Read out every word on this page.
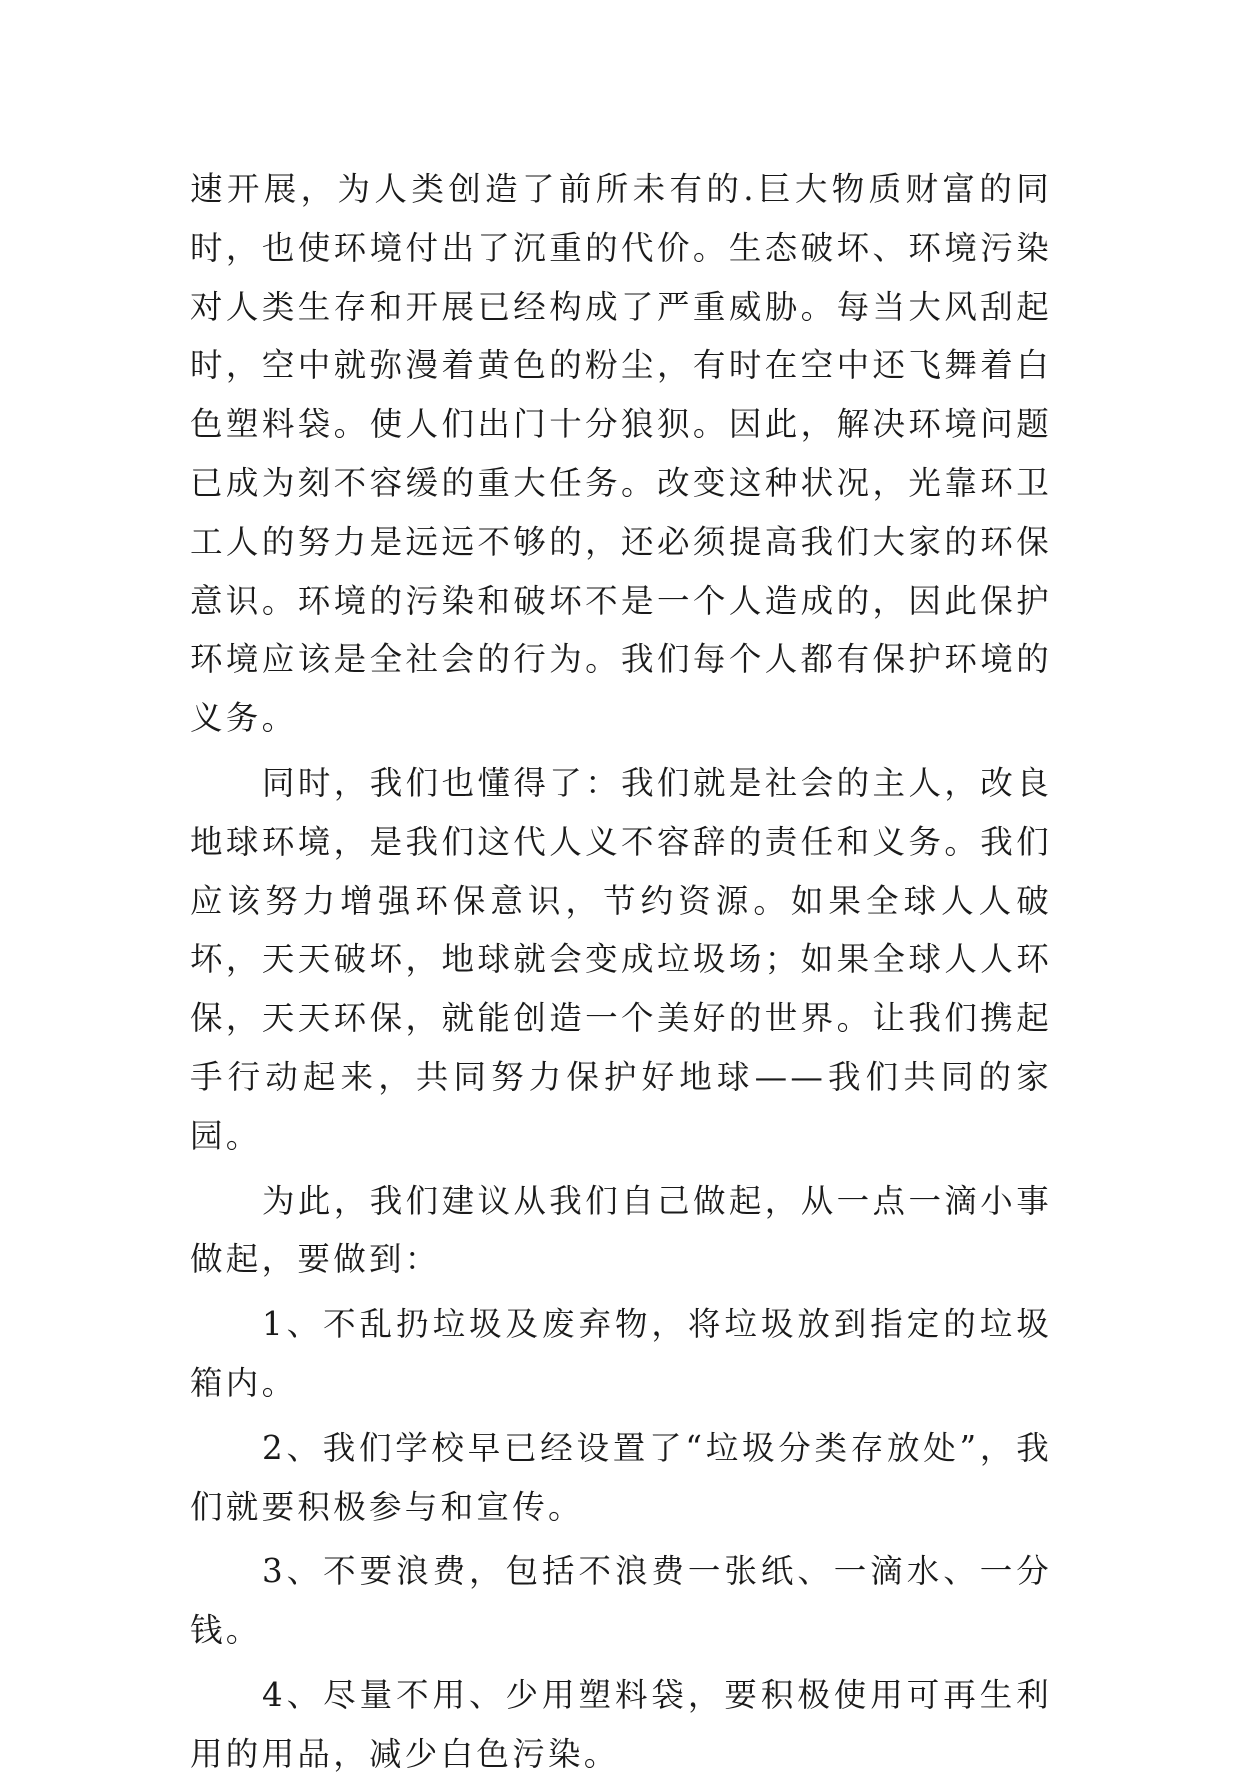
速开展，为人类创造了前所未有的.巨大物质财富的同时，也使环境付出了沉重的代价。生态破坏、环境污染对人类生存和开展已经构成了严重威胁。每当大风刮起时，空中就弥漫着黄色的粉尘，有时在空中还飞舞着白色塑料袋。使人们出门十分狼狈。因此，解决环境问题已成为刻不容缓的重大任务。改变这种状况，光靠环卫工人的努力是远远不够的，还必须提高我们大家的环保意识。环境的污染和破坏不是一个人造成的，因此保护环境应该是全社会的行为。我们每个人都有保护环境的义务。

同时，我们也懂得了：我们就是社会的主人，改良地球环境，是我们这代人义不容辞的责任和义务。我们应该努力增强环保意识，节约资源。如果全球人人破坏，天天破坏，地球就会变成垃圾场；如果全球人人环保，天天环保，就能创造一个美好的世界。让我们携起手行动起来，共同努力保护好地球——我们共同的家园。

为此，我们建议从我们自己做起，从一点一滴小事做起，要做到：

1、不乱扔垃圾及废弃物，将垃圾放到指定的垃圾箱内。

2、我们学校早已经设置了“垃圾分类存放处”，我们就要积极参与和宣传。

3、不要浪费，包括不浪费一张纸、一滴水、一分钱。

4、尽量不用、少用塑料袋，要积极使用可再生利用的用品，减少白色污染。
